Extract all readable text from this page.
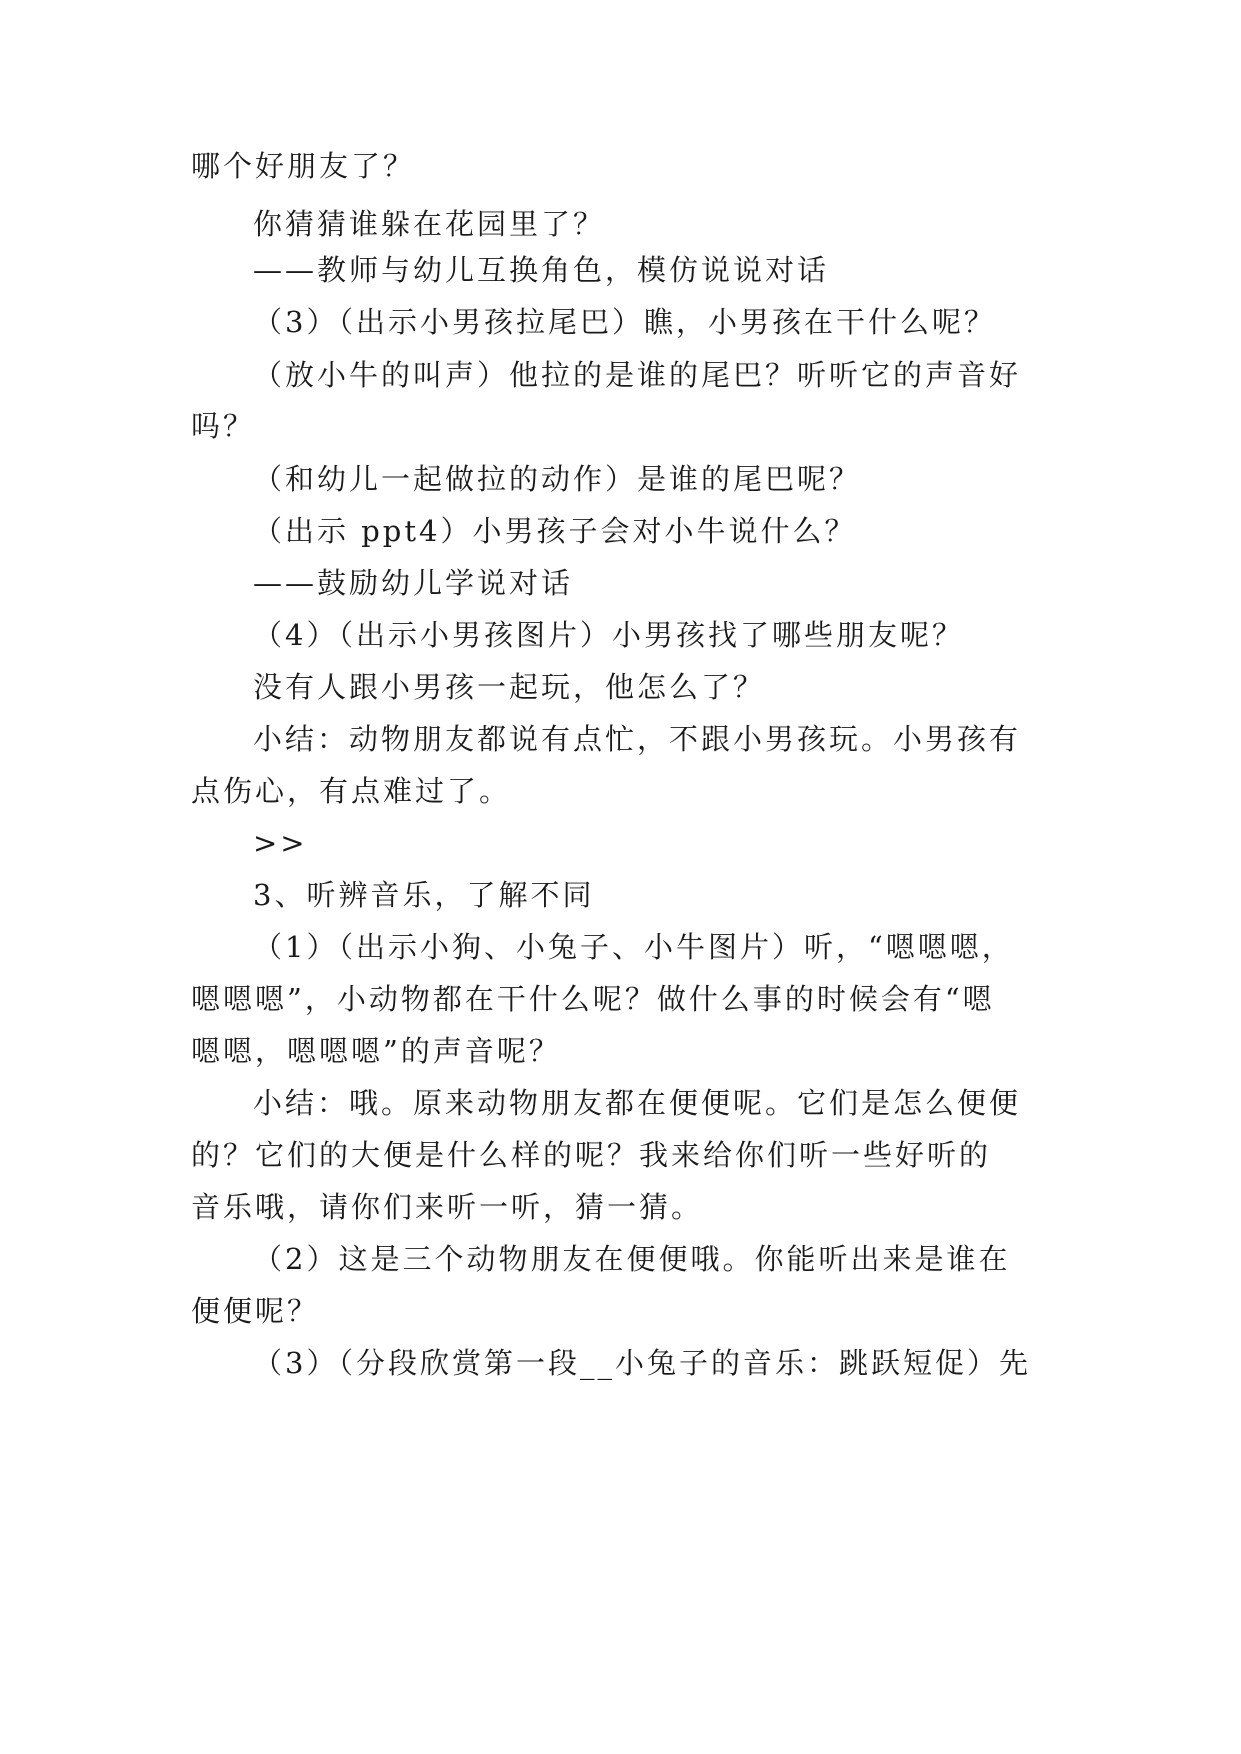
哪个好朋友了？
你猜猜谁躲在花园里了？
——教师与幼儿互换角色，模仿说说对话
（3）（出示小男孩拉尾巴）瞧，小男孩在干什么呢？
（放小牛的叫声）他拉的是谁的尾巴？听听它的声音好
吗？
（和幼儿一起做拉的动作）是谁的尾巴呢？
（出示 ppt4）小男孩子会对小牛说什么？
——鼓励幼儿学说对话
（4）（出示小男孩图片）小男孩找了哪些朋友呢？
没有人跟小男孩一起玩，他怎么了？
小结：动物朋友都说有点忙，不跟小男孩玩。小男孩有
点伤心，有点难过了。
>>
3、听辨音乐，了解不同
（1）（出示小狗、小兔子、小牛图片）听，“嗯嗯嗯，
嗯嗯嗯”，小动物都在干什么呢？做什么事的时候会有“嗯
嗯嗯，嗯嗯嗯”的声音呢？
小结：哦。原来动物朋友都在便便呢。它们是怎么便便
的？它们的大便是什么样的呢？我来给你们听一些好听的
音乐哦，请你们来听一听，猜一猜。
（2）这是三个动物朋友在便便哦。你能听出来是谁在
便便呢？
（3）（分段欣赏第一段__小兔子的音乐：跳跃短促）先
